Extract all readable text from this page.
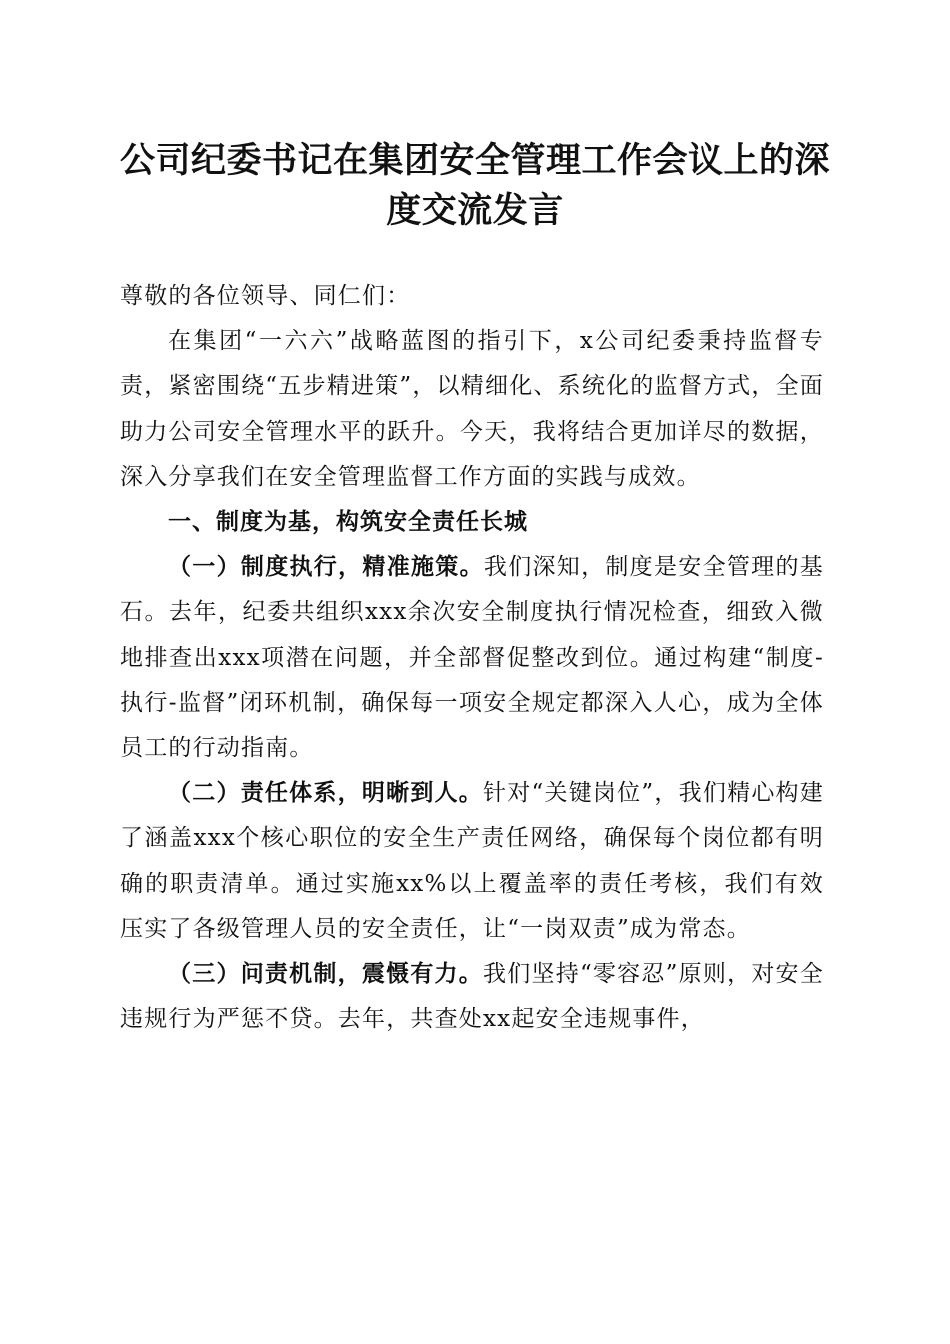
公司纪委书记在集团安全管理工作会议上的深度交流发言

尊敬的各位领导、同仁们：

在集团“一六六”战略蓝图的指引下，x公司纪委秉持监督专责，紧密围绕“五步精进策”，以精细化、系统化的监督方式，全面助力公司安全管理水平的跃升。今天，我将结合更加详尽的数据，深入分享我们在安全管理监督工作方面的实践与成效。

一、制度为基，构筑安全责任长城

（一）制度执行，精准施策。我们深知，制度是安全管理的基石。去年，纪委共组织xxx余次安全制度执行情况检查，细致入微地排查出xxx项潜在问题，并全部督促整改到位。通过构建“制度-执行-监督”闭环机制，确保每一项安全规定都深入人心，成为全体员工的行动指南。

（二）责任体系，明晰到人。针对“关键岗位”，我们精心构建了涵盖xxx个核心职位的安全生产责任网络，确保每个岗位都有明确的职责清单。通过实施xx%以上覆盖率的责任考核，我们有效压实了各级管理人员的安全责任，让“一岗双责”成为常态。

（三）问责机制，震慑有力。我们坚持“零容忍”原则，对安全违规行为严惩不贷。去年，共查处xx起安全违规事件，
